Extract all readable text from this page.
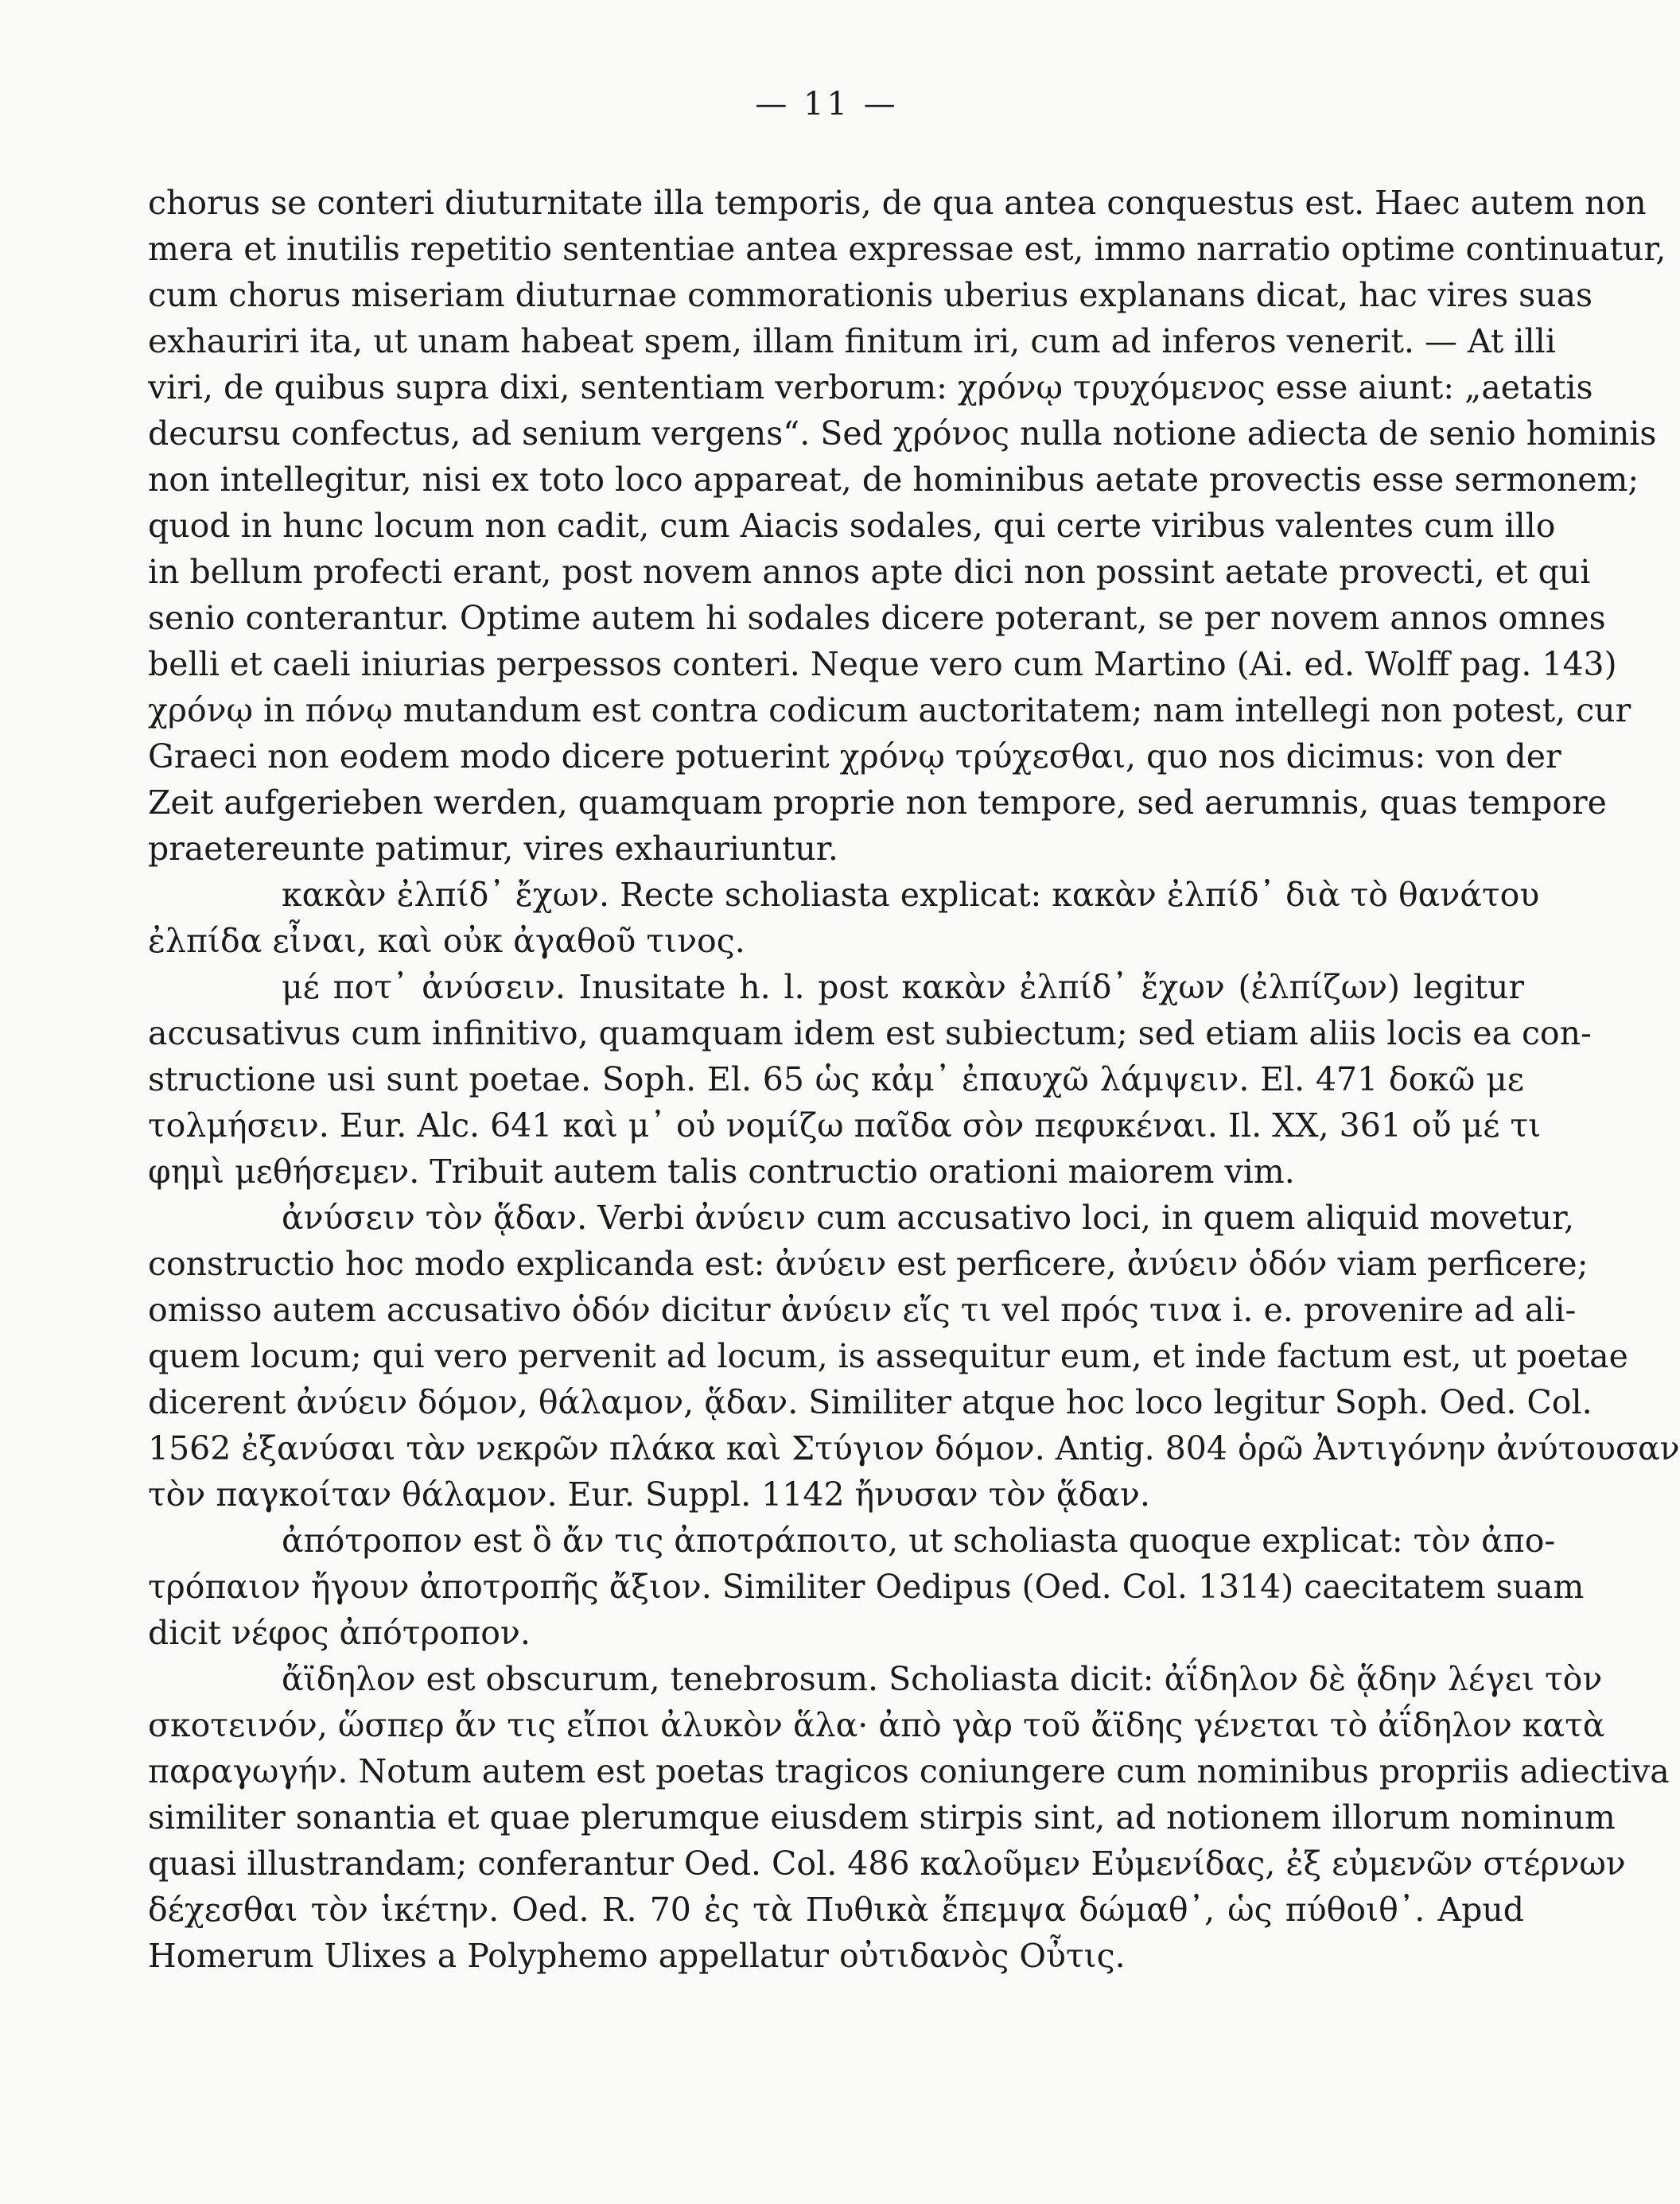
— 11 —
chorus se conteri diuturnitate illa temporis, de qua antea conquestus est. Haec autem non
mera et inutilis repetitio sententiae antea expressae est, immo narratio optime continuatur,
cum chorus miseriam diuturnae commorationis uberius explanans dicat, hac vires suas
exhauriri ita, ut unam habeat spem, illam finitum iri, cum ad inferos venerit. — At illi
viri, de quibus supra dixi, sententiam verborum: χρόνῳ τρυχόμενος esse aiunt: „aetatis
decursu confectus, ad senium vergens“. Sed χρόνος nulla notione adiecta de senio hominis
non intellegitur, nisi ex toto loco appareat, de hominibus aetate provectis esse sermonem;
quod in hunc locum non cadit, cum Aiacis sodales, qui certe viribus valentes cum illo
in bellum profecti erant, post novem annos apte dici non possint aetate provecti, et qui
senio conterantur. Optime autem hi sodales dicere poterant, se per novem annos omnes
belli et caeli iniurias perpessos conteri. Neque vero cum Martino (Ai. ed. Wolff pag. 143)
χρόνῳ in πόνῳ mutandum est contra codicum auctoritatem; nam intellegi non potest, cur
Graeci non eodem modo dicere potuerint χρόνῳ τρύχεσθαι, quo nos dicimus: von der
Zeit aufgerieben werden, quamquam proprie non tempore, sed aerumnis, quas tempore
praetereunte patimur, vires exhauriuntur.
κακὰν ἐλπίδ᾽ ἔχων. Recte scholiasta explicat: κακὰν ἐλπίδ᾽ διὰ τὸ θανάτου
ἐλπίδα εἶναι, καὶ οὐκ ἀγαθοῦ τινος.
μέ ποτ᾽ ἀνύσειν. Inusitate h. l. post κακὰν ἐλπίδ᾽ ἔχων (ἐλπίζων) legitur
accusativus cum infinitivo, quamquam idem est subiectum; sed etiam aliis locis ea con-
structione usi sunt poetae. Soph. El. 65 ὡς κἀμ᾽ ἐπαυχῶ λάμψειν. El. 471 δοκῶ με
τολμήσειν. Eur. Alc. 641 καὶ μ᾽ οὐ νομίζω παῖδα σὸν πεφυκέναι. Il. XX, 361 οὔ μέ τι
φημὶ μεθήσεμεν. Tribuit autem talis contructio orationi maiorem vim.
ἀνύσειν τὸν ᾅδαν. Verbi ἀνύειν cum accusativo loci, in quem aliquid movetur,
constructio hoc modo explicanda est: ἀνύειν est perficere, ἀνύειν ὁδόν viam perficere;
omisso autem accusativo ὁδόν dicitur ἀνύειν εἴς τι vel πρός τινα i. e. provenire ad ali-
quem locum; qui vero pervenit ad locum, is assequitur eum, et inde factum est, ut poetae
dicerent ἀνύειν δόμον, θάλαμον, ᾅδαν. Similiter atque hoc loco legitur Soph. Oed. Col.
1562 ἐξανύσαι τὰν νεκρῶν πλάκα καὶ Στύγιον δόμον. Antig. 804 ὁρῶ Ἀντιγόνην ἀνύτουσαν
τὸν παγκοίταν θάλαμον. Eur. Suppl. 1142 ἤνυσαν τὸν ᾅδαν.
ἀπότροπον est ὃ ἄν τις ἀποτράποιτο, ut scholiasta quoque explicat: τὸν ἀπο-
τρόπαιον ἤγουν ἀποτροπῆς ἄξιον. Similiter Oedipus (Oed. Col. 1314) caecitatem suam
dicit νέφος ἀπότροπον.
ἄϊδηλον est obscurum, tenebrosum. Scholiasta dicit: ἀΐδηλον δὲ ᾅδην λέγει τὸν
σκοτεινόν, ὥσπερ ἄν τις εἴποι ἀλυκὸν ἅλα· ἀπὸ γὰρ τοῦ ἄϊδης γένεται τὸ ἀΐδηλον κατὰ
παραγωγήν. Notum autem est poetas tragicos coniungere cum nominibus propriis adiectiva
similiter sonantia et quae plerumque eiusdem stirpis sint, ad notionem illorum nominum
quasi illustrandam; conferantur Oed. Col. 486 καλοῦμεν Εὐμενίδας, ἐξ εὐμενῶν στέρνων
δέχεσθαι τὸν ἱκέτην. Oed. R. 70 ἐς τὰ Πυθικὰ ἔπεμψα δώμαθ᾽, ὡς πύθοιθ᾽. Apud
Homerum Ulixes a Polyphemo appellatur οὐτιδανὸς Οὖτις.
